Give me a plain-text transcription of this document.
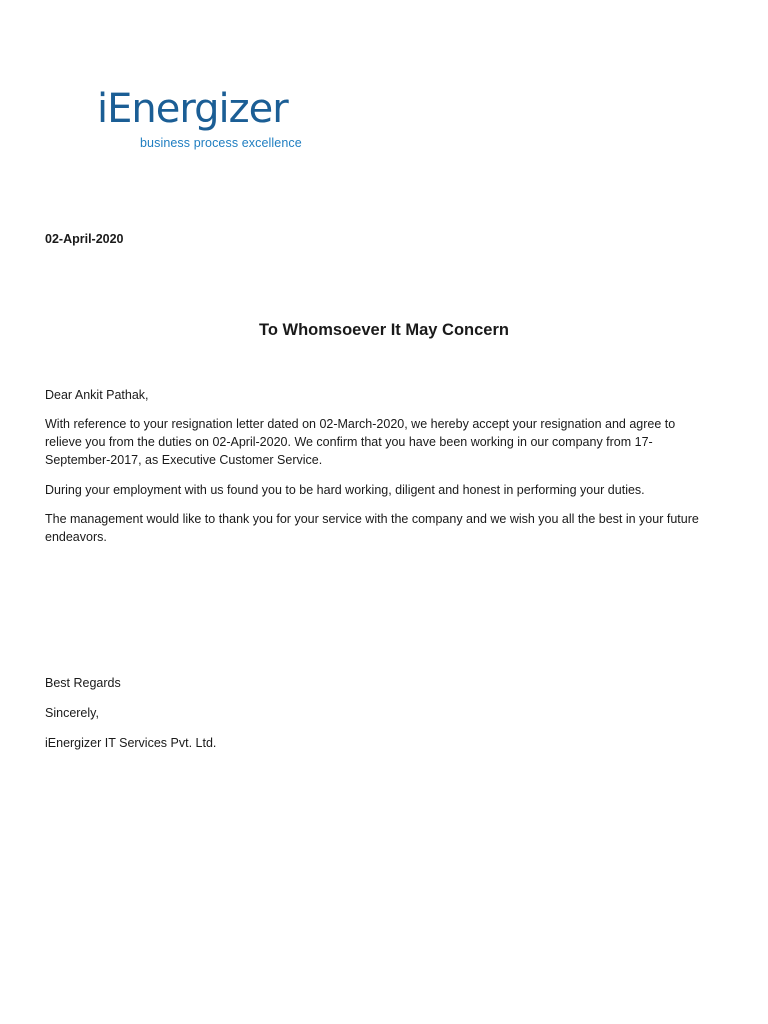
iEnergizer
business process excellence
02-April-2020
To Whomsoever It May Concern
Dear Ankit Pathak,
With reference to your resignation letter dated on 02-March-2020, we hereby accept your resignation and agree to
relieve you from the duties on 02-April-2020. We confirm that you have been working in our company from 17-
September-2017, as Executive Customer Service.
During your employment with us found you to be hard working, diligent and honest in performing your duties.
The management would like to thank you for your service with the company and we wish you all the best in your future
endeavors.
Best Regards
Sincerely,
iEnergizer IT Services Pvt. Ltd.
